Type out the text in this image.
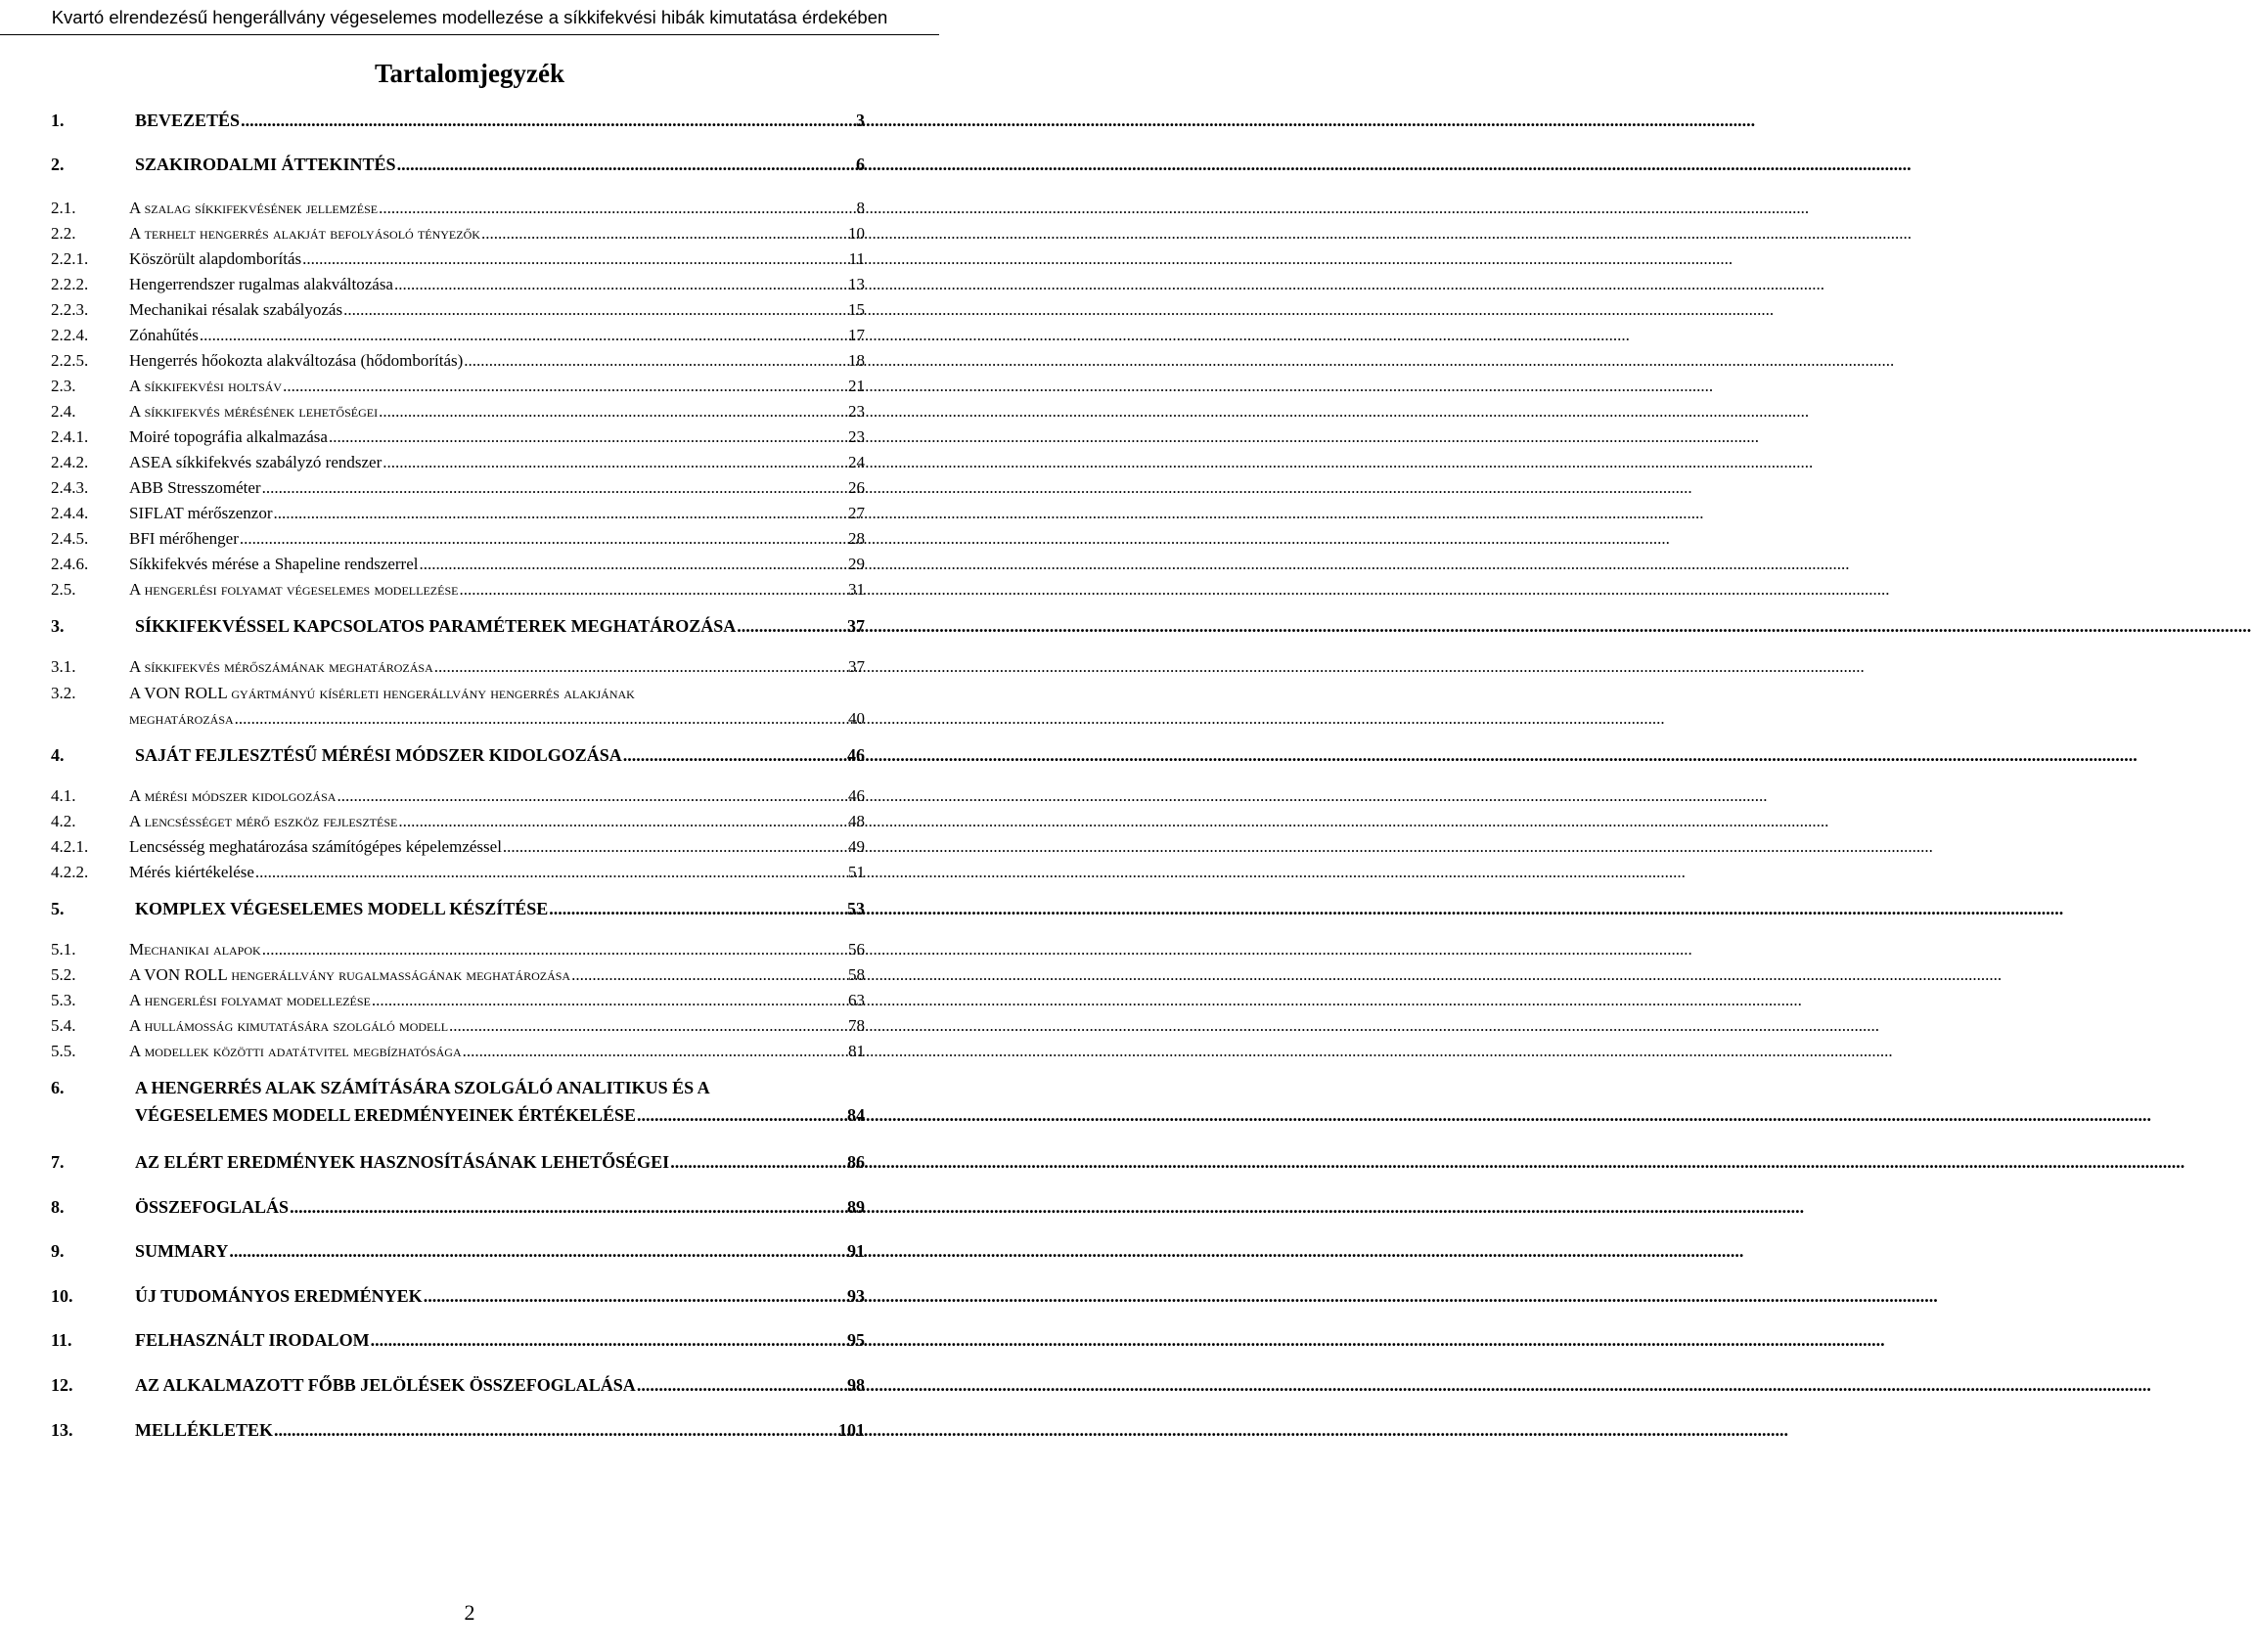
Kvartó elrendezésű hengerállvány végeselemes modellezése a síkkifekvési hibák kimutatása érdekében
Tartalomjegyzék
1.	BEVEZETÉS .....	3
2.	SZAKIRODALMI ÁTTEKINTÉS .....	6
2.1.	A szalag síkkifekvésének jellemzése .....	8
2.2.	A terhelt hengerrés alakját befolyásoló tényezők .....	10
2.2.1.	Köszörült alapdomborítás .....	11
2.2.2.	Hengerrendszer rugalmas alakváltozása .....	13
2.2.3.	Mechanikai résalak szabályozás .....	15
2.2.4.	Zónahűtés .....	17
2.2.5.	Hengerrés hőokozta alakváltozása (hődomborítás) .....	18
2.3.	A síkkifekvési holtsáv .....	21
2.4.	A síkkifekvés mérésének lehetőségei .....	23
2.4.1.	Moiré topográfia alkalmazása .....	23
2.4.2.	ASEA síkkifekvés szabályzó rendszer .....	24
2.4.3.	ABB Stresszométer .....	26
2.4.4.	SIFLAT mérőszenzor .....	27
2.4.5.	BFI mérőhenger .....	28
2.4.6.	Síkkifekvés mérése a Shapeline rendszerrel .....	29
2.5.	A hengerlési folyamat végeselemes modellezése .....	31
3.	SÍKKIFEKVÉSSEL KAPCSOLATOS PARAMÉTEREK MEGHATÁROZÁSA .....	37
3.1.	A síkkifekvés mérőszámának meghatározása .....	37
3.2.	A VON ROLL gyártmányú kísérleti hengerállvány hengerrés alakjának
meghatározása .....	40
4.	SAJÁT FEJLESZTÉSŰ MÉRÉSI MÓDSZER KIDOLGOZÁSA .....	46
4.1.	A mérési módszer kidolgozása .....	46
4.2.	A lencsésséget mérő eszköz fejlesztése .....	48
4.2.1.	Lencsésség meghatározása számítógépes képelemzéssel .....	49
4.2.2.	Mérés kiértékelése .....	51
5.	KOMPLEX VÉGESELEMES MODELL KÉSZÍTÉSE .....	53
5.1.	Mechanikai alapok .....	56
5.2.	A VON ROLL hengerállvány rugalmasságának meghatározása .....	58
5.3.	A hengerlési folyamat modellezése .....	63
5.4.	A hullámosság kimutatására szolgáló modell .....	78
5.5.	A modellek közötti adatátvitel megbízhatósága .....	81
6.	A HENGERRÉS ALAK SZÁMÍTÁSÁRA SZOLGÁLÓ ANALITIKUS ÉS A
VÉGESELEMES MODELL EREDMÉNYEINEK ÉRTÉKELÉSE .....	84
7.	AZ ELÉRT EREDMÉNYEK HASZNOSÍTÁSÁNAK LEHETŐSÉGEI .....	86
8.	ÖSSZEFOGLALÁS .....	89
9.	SUMMARY .....	91
10.	ÚJ TUDOMÁNYOS EREDMÉNYEK .....	93
11.	FELHASZNÁLT IRODALOM .....	95
12.	AZ ALKALMAZOTT FŐBB JELÖLÉSEK ÖSSZEFOGLALÁSA .....	98
13.	MELLÉKLETEK .....	101
2
